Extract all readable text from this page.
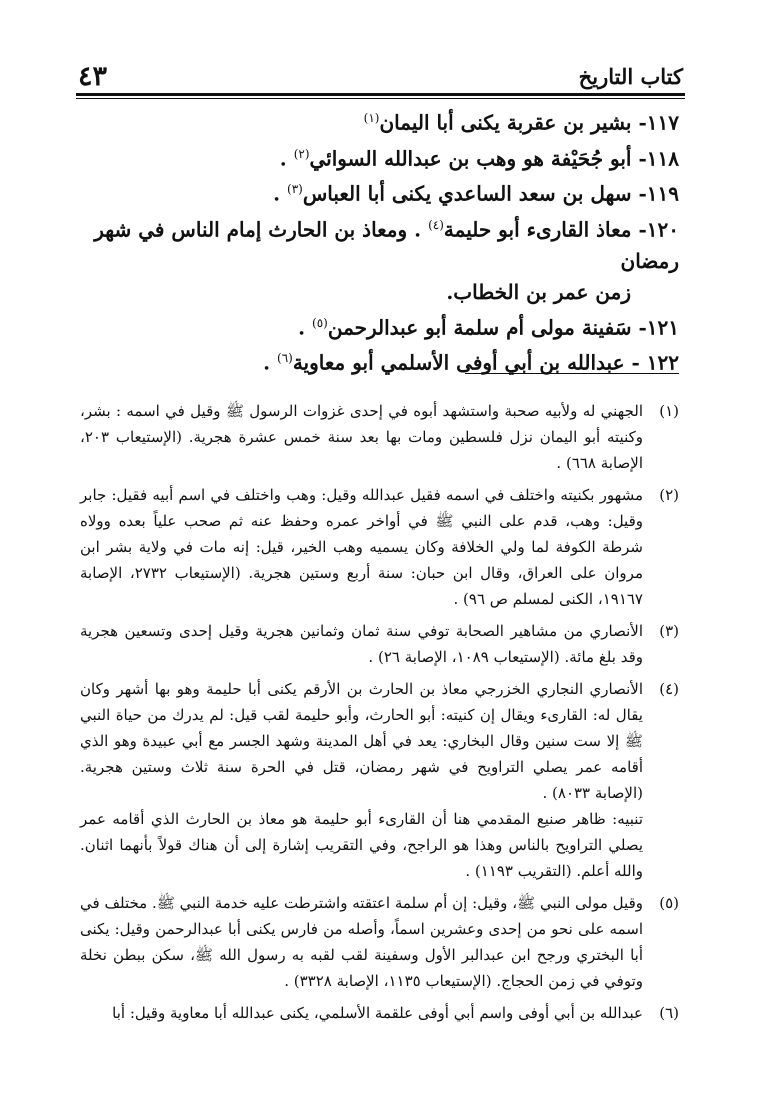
٤٣	كتاب التاريخ

١١٧- بشير بن عقربة يكنى أبا اليمان$^{(١)}$

١١٨- أبو جُحَيْفة هو وهب بن عبدالله السوائي$^{(٢)}$ .

١١٩- سهل بن سعد الساعدي يكنى أبا العباس$^{(٣)}$ .

١٢٠- معاذ القارىء أبو حليمة$^{(٤)}$ . ومعاذ بن الحارث إمام الناس في شهر رمضان
زمن عمر بن الخطاب.

١٢١- سَفينة مولى أم سلمة أبو عبدالرحمن$^{(٥)}$ .

١٢٢ - عبدالله بن أبي أوفى الأسلمي أبو معاوية$^{(٦)}$ .

(١)

الجهني له ولأبيه صحبة واستشهد أبوه في إحدى غزوات الرسول ﷺ وقيل في اسمه : بشر، وكنيته أبو اليمان نزل فلسطين ومات بها بعد سنة خمس عشرة هجرية. (الإستيعاب ٢٠٣، الإصابة ٦٦٨) .

(٢)

مشهور بكنيته واختلف في اسمه فقيل عبدالله وقيل: وهب واختلف في اسم أبيه فقيل: جابر وقيل: وهب، قدم على النبي ﷺ في أواخر عمره وحفظ عنه ثم صحب علياً بعده وولاه شرطة الكوفة لما ولي الخلافة وكان يسميه وهب الخير، قيل: إنه مات في ولاية بشر ابن مروان على العراق، وقال ابن حبان: سنة أربع وستين هجرية. (الإستيعاب ٢٧٣٢، الإصابة ١٩١٦٧، الكنى لمسلم ص ٩٦) .

(٣)

الأنصاري من مشاهير الصحابة توفي سنة ثمان وثمانين هجرية وقيل إحدى وتسعين هجرية وقد بلغ مائة. (الإستيعاب ١٠٨٩، الإصابة ٢٦) .

(٤)

الأنصاري النجاري الخزرجي معاذ بن الحارث بن الأرقم يكنى أبا حليمة وهو بها أشهر وكان يقال له: القارىء ويقال إن كنيته: أبو الحارث، وأبو حليمة لقب قيل: لم يدرك من حياة النبي ﷺ إلا ست سنين وقال البخاري: يعد في أهل المدينة وشهد الجسر مع أبي عبيدة وهو الذي أقامه عمر يصلي التراويح في شهر رمضان، قتل في الحرة سنة ثلاث وستين هجرية. (الإصابة ٨٠٣٣) .

تنبيه: ظاهر صنيع المقدمي هنا أن القارىء أبو حليمة هو معاذ بن الحارث الذي أقامه عمر يصلي التراويح بالناس وهذا هو الراجح، وفي التقريب إشارة إلى أن هناك قولاً بأنهما اثنان. والله أعلم. (التقريب ١١٩٣) .

(٥)

وقيل مولى النبي ﷺ، وقيل: إن أم سلمة اعتقته واشترطت عليه خدمة النبي ﷺ. مختلف في اسمه على نحو من إحدى وعشرين اسماً، وأصله من فارس يكنى أبا عبدالرحمن وقيل: يكنى أبا البختري ورجح ابن عبدالبر الأول وسفينة لقب لقبه به رسول الله ﷺ، سكن ببطن نخلة وتوفي في زمن الحجاج. (الإستيعاب ١١٣٥، الإصابة ٣٣٢٨) .

(٦)

عبدالله بن أبي أوفى واسم أبي أوفى علقمة الأسلمي، يكنى عبدالله أبا معاوية وقيل: أبا
